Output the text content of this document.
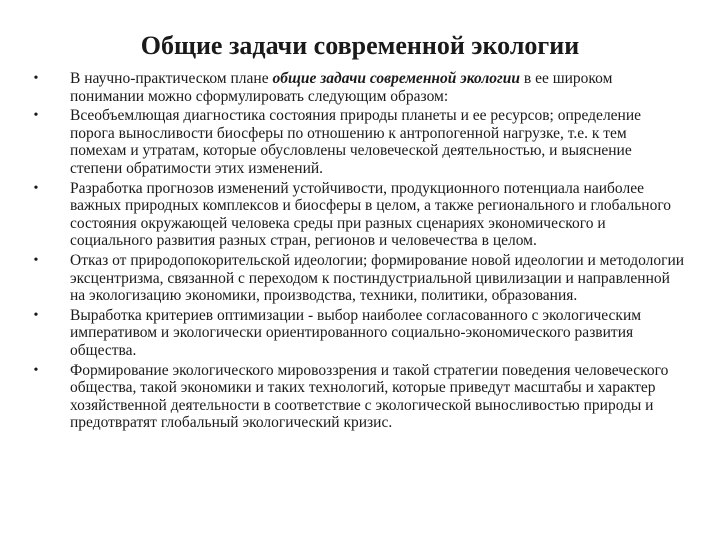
Общие задачи современной экологии
• В научно-практическом плане общие задачи современной экологии в ее широком понимании можно сформулировать следующим образом:
• Всеобъемлющая диагностика состояния природы планеты и ее ресурсов; определение порога выносливости биосферы по отношению к антропогенной нагрузке, т.е. к тем помехам и утратам, которые обусловлены человеческой деятельностью, и выяснение степени обратимости этих изменений.
• Разработка прогнозов изменений устойчивости, продукционного потенциала наиболее важных природных комплексов и биосферы в целом, а также регионального и глобального состояния окружающей человека среды при разных сценариях экономического и социального развития разных стран, регионов и человечества в целом.
• Отказ от природопокорительской идеологии; формирование новой идеологии и методологии эксцентризма, связанной с переходом к постиндустриальной цивилизации и направленной на экологизацию экономики, производства, техники, политики, образования.
• Выработка критериев оптимизации - выбор наиболее согласованного с экологическим императивом и экологически ориентированного социально-экономического развития общества.
• Формирование экологического мировоззрения и такой стратегии поведения человеческого общества, такой экономики и таких технологий, которые приведут масштабы и характер хозяйственной деятельности в соответствие с экологической выносливостью природы и предотвратят глобальный экологический кризис.
